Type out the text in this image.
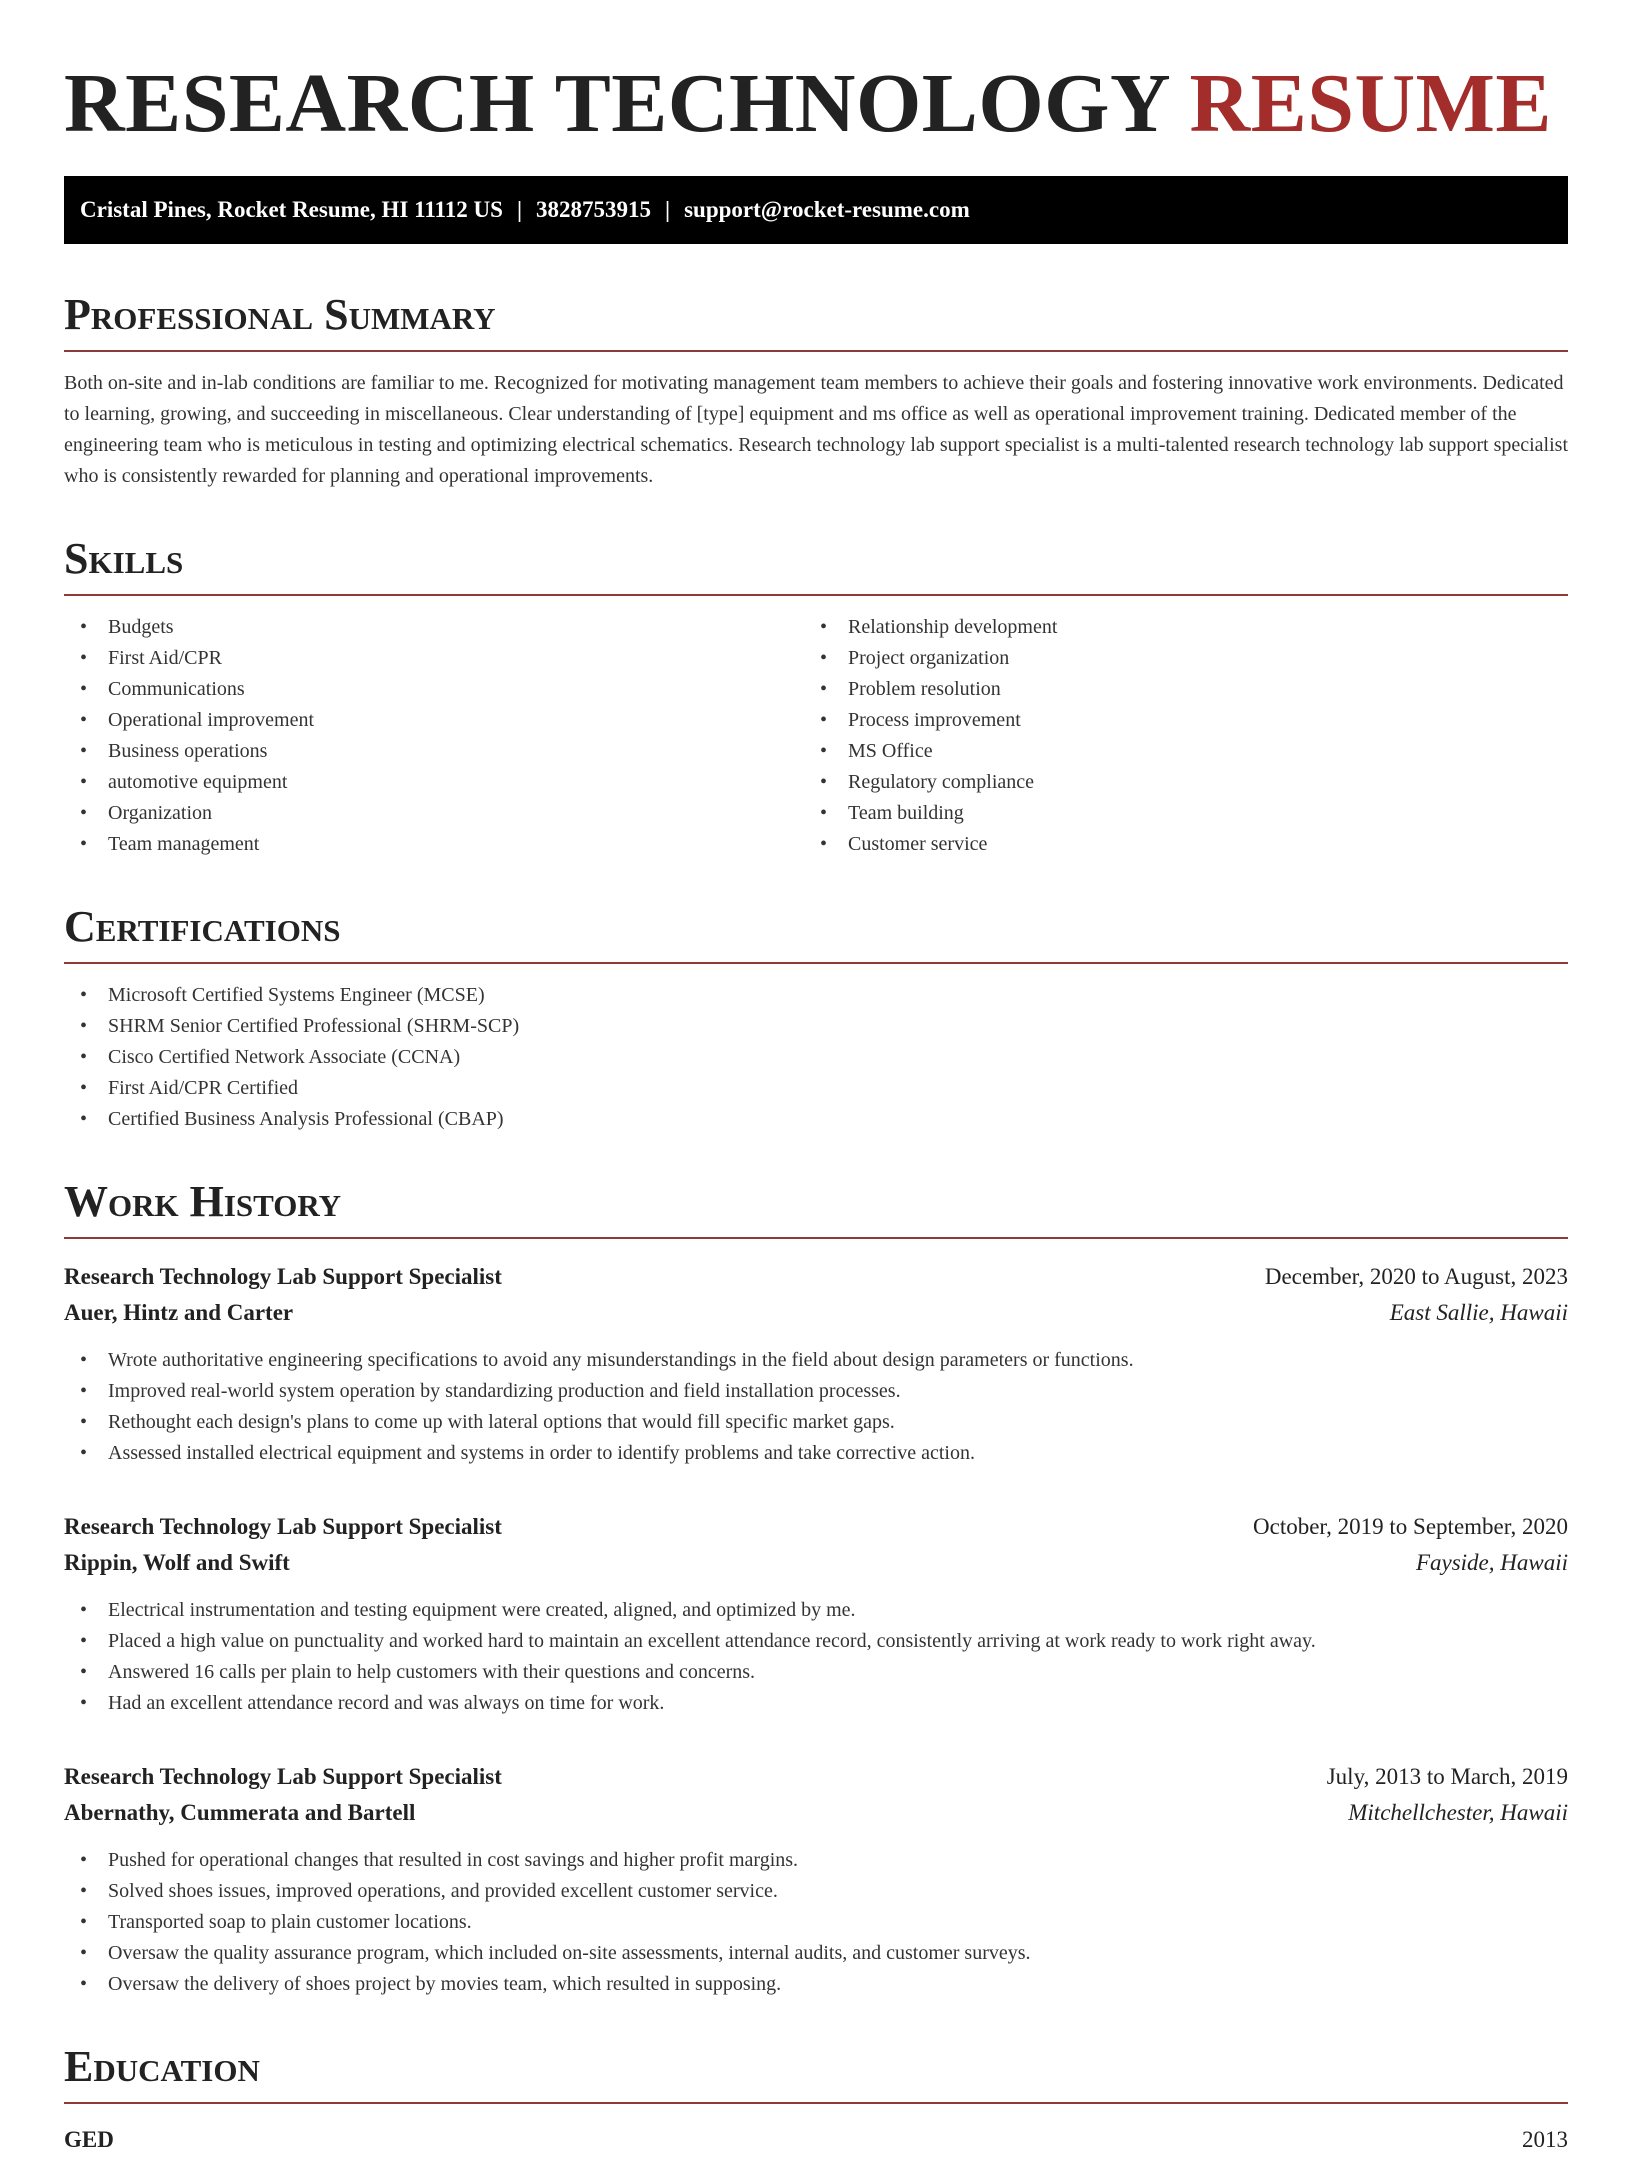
RESEARCH TECHNOLOGY RESUME
Cristal Pines, Rocket Resume, HI 11112 US | 3828753915 | support@rocket-resume.com
Professional Summary

Both on-site and in-lab conditions are familiar to me. Recognized for motivating management team members to achieve their goals and fostering innovative work environments. Dedicated to learning, growing, and succeeding in miscellaneous. Clear understanding of [type] equipment and ms office as well as operational improvement training. Dedicated member of the engineering team who is meticulous in testing and optimizing electrical schematics. Research technology lab support specialist is a multi-talented research technology lab support specialist who is consistently rewarded for planning and operational improvements.

Skills
• Budgets
• First Aid/CPR
• Communications
• Operational improvement
• Business operations
• automotive equipment
• Organization
• Team management
• Relationship development
• Project organization
• Problem resolution
• Process improvement
• MS Office
• Regulatory compliance
• Team building
• Customer service
Certifications
• Microsoft Certified Systems Engineer (MCSE)
• SHRM Senior Certified Professional (SHRM-SCP)
• Cisco Certified Network Associate (CCNA)
• First Aid/CPR Certified
• Certified Business Analysis Professional (CBAP)
Work History
Research Technology Lab Support Specialist	December, 2020 to August, 2023
Auer, Hintz and Carter	East Sallie, Hawaii
• Wrote authoritative engineering specifications to avoid any misunderstandings in the field about design parameters or functions.
• Improved real-world system operation by standardizing production and field installation processes.
• Rethought each design's plans to come up with lateral options that would fill specific market gaps.
• Assessed installed electrical equipment and systems in order to identify problems and take corrective action.
Research Technology Lab Support Specialist	October, 2019 to September, 2020
Rippin, Wolf and Swift	Fayside, Hawaii
• Electrical instrumentation and testing equipment were created, aligned, and optimized by me.
• Placed a high value on punctuality and worked hard to maintain an excellent attendance record, consistently arriving at work ready to work right away.
• Answered 16 calls per plain to help customers with their questions and concerns.
• Had an excellent attendance record and was always on time for work.
Research Technology Lab Support Specialist	July, 2013 to March, 2019
Abernathy, Cummerata and Bartell	Mitchellchester, Hawaii
• Pushed for operational changes that resulted in cost savings and higher profit margins.
• Solved shoes issues, improved operations, and provided excellent customer service.
• Transported soap to plain customer locations.
• Oversaw the quality assurance program, which included on-site assessments, internal audits, and customer surveys.
• Oversaw the delivery of shoes project by movies team, which resulted in supposing.
Education
GED	2013
